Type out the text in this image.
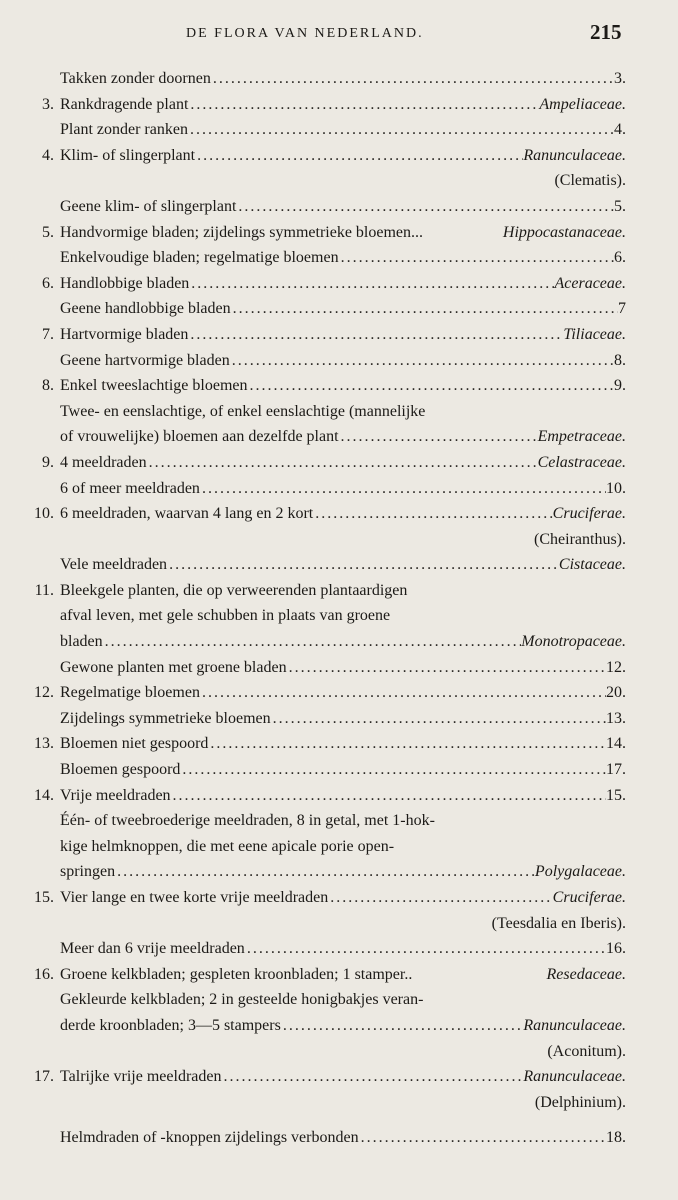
DE FLORA VAN NEDERLAND.	215
Takken zonder doornen . . .	3.
3. Rankdragende plant . . .	Ampeliaceae.
Plant zonder ranken . . .	4.
4. Klim- of slingerplant . . .	Ranunculaceae.
(Clematis).
Geene klim- of slingerplant . . .	5.
5. Handvormige bladen; zijdelings symmetrieke bloemen...	Hippocastanaceae.
Enkelvoudige bladen; regelmatige bloemen . . .	6.
6. Handlobbige bladen . . .	Aceraceae.
Geene handlobbige bladen . . .	7
7. Hartvormige bladen . . .	Tiliaceae.
Geene hartvormige bladen . . .	8.
8. Enkel tweeslachtige bloemen . . .	9.
Twee- en eenslachtige, of enkel eenslachtige (mannelijke
of vrouwelijke) bloemen aan dezelfde plant . . .	Empetraceae.
9. 4 meeldraden . . .	Celastraceae.
6 of meer meeldraden . . .	10.
10. 6 meeldraden, waarvan 4 lang en 2 kort . . .	Cruciferae.
(Cheiranthus).
Vele meeldraden . . .	Cistaceae.
11. Bleekgele planten, die op verweerenden plantaardigen
afval leven, met gele schubben in plaats van groene
bladen . . .	Monotropaceae.
Gewone planten met groene bladen . . .	12.
12. Regelmatige bloemen . . .	20.
Zijdelings symmetrieke bloemen . . .	13.
13. Bloemen niet gespoord . . .	14.
Bloemen gespoord . . .	17.
14. Vrije meeldraden . . .	15.
Één- of tweebroederige meeldraden, 8 in getal, met 1-hok-
kige helmknoppen, die met eene apicale porie open-
springen . . .	Polygalaceae.
15. Vier lange en twee korte vrije meeldraden . . .	Cruciferae.
(Teesdalia en Iberis).
Meer dan 6 vrije meeldraden . . .	16.
16. Groene kelkbladen; gespleten kroonbladen; 1 stamper..	Resedaceae.
Gekleurde kelkbladen; 2 in gesteelde honigbakjes veran-
derde kroonbladen; 3—5 stampers . . .	Ranunculaceae.
(Aconitum).
17. Talrijke vrije meeldraden . . .	Ranunculaceae.
(Delphinium).
Helmdraden of -knoppen zijdelings verbonden . . .	18.
